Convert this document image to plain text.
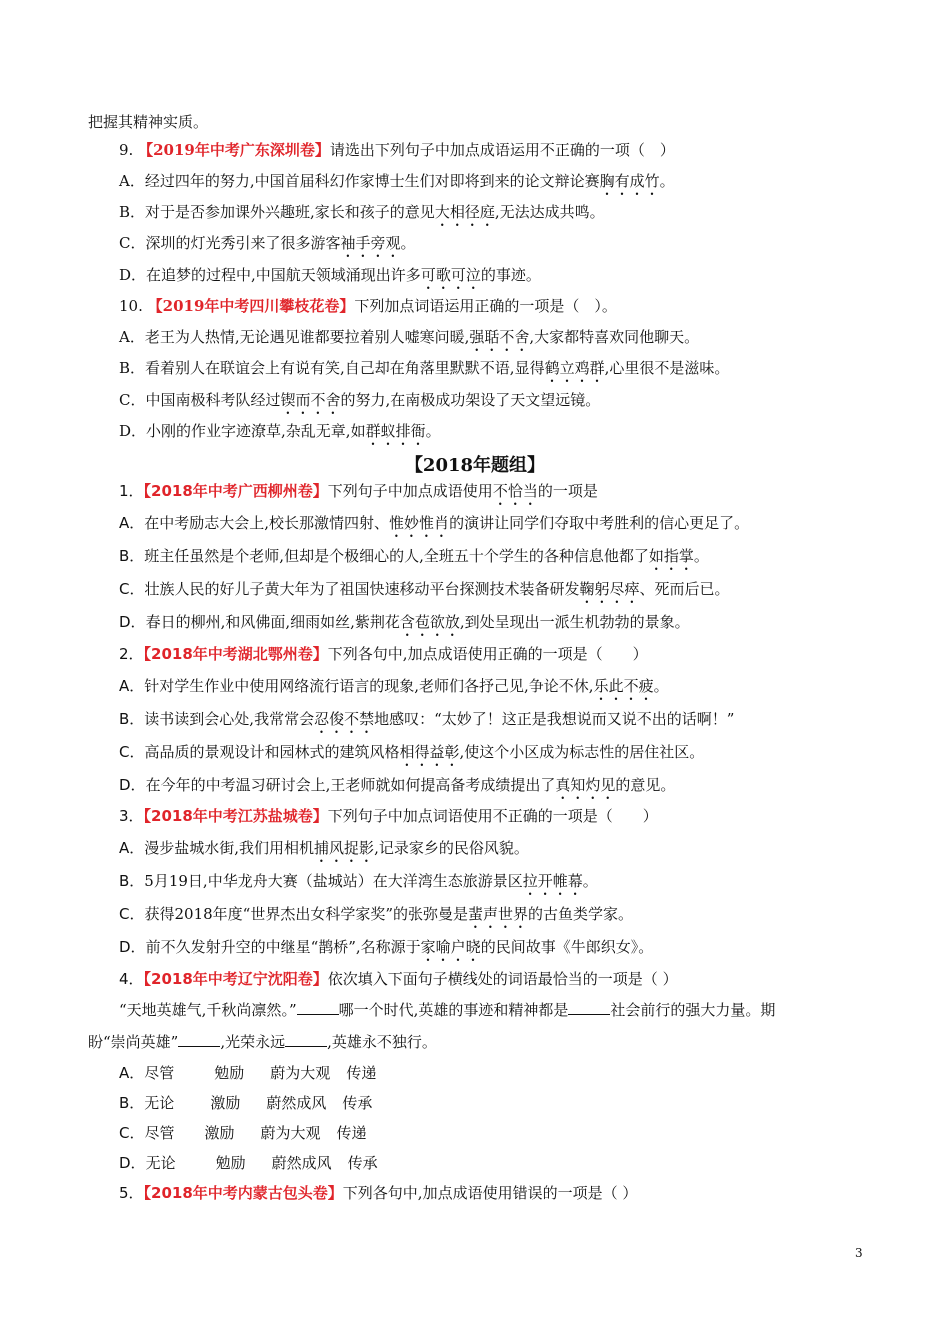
把握其精神实质。
9. 【2019年中考广东深圳卷】请选出下列句子中加点成语运用不正确的一项（　）
A．经过四年的努力,中国首届科幻作家博士生们对即将到来的论文辩论赛胸有成竹。
B．对于是否参加课外兴趣班,家长和孩子的意见大相径庭,无法达成共鸣。
C．深圳的灯光秀引来了很多游客袖手旁观。
D．在追梦的过程中,中国航天领域涌现出许多可歌可泣的事迹。
10. 【2019年中考四川攀枝花卷】下列加点词语运用正确的一项是（　）。
A．老王为人热情,无论遇见谁都要拉着别人嘘寒问暖,强聒不舍,大家都特喜欢同他聊天。
B．看着别人在联谊会上有说有笑,自己却在角落里默默不语,显得鹤立鸡群,心里很不是滋味。
C．中国南极科考队经过锲而不舍的努力,在南极成功架设了天文望远镜。
D．小刚的作业字迹潦草,杂乱无章,如群蚁排衙。
【2018年题组】
1．【2018年中考广西柳州卷】下列句子中加点成语使用不恰当的一项是
A．在中考励志大会上,校长那激情四射、惟妙惟肖的演讲让同学们夺取中考胜利的信心更足了。
B．班主任虽然是个老师,但却是个极细心的人,全班五十个学生的各种信息他都了如指掌。
C．壮族人民的好儿子黄大年为了祖国快速移动平台探测技术装备研发鞠躬尽瘁、死而后已。
D．春日的柳州,和风佛面,细雨如丝,紫荆花含苞欲放,到处呈现出一派生机勃勃的景象。
2．【2018年中考湖北鄂州卷】下列各句中,加点成语使用正确的一项是（　　）
A．针对学生作业中使用网络流行语言的现象,老师们各抒己见,争论不休,乐此不疲。
B．读书读到会心处,我常常会忍俊不禁地感叹：“太妙了！这正是我想说而又说不出的话啊！”
C．高品质的景观设计和园林式的建筑风格相得益彰,使这个小区成为标志性的居住社区。
D．在今年的中考温习研讨会上,王老师就如何提高备考成绩提出了真知灼见的意见。
3．【2018年中考江苏盐城卷】下列句子中加点词语使用不正确的一项是（　　）
A．漫步盐城水街,我们用相机捕风捉影,记录家乡的民俗风貌。
B．5月19日,中华龙舟大赛（盐城站）在大洋湾生态旅游景区拉开帷幕。
C．获得2018年度“世界杰出女科学家奖”的张弥曼是蜚声世界的古鱼类学家。
D．前不久发射升空的中继星“鹊桥”,名称源于家喻户晓的民间故事《牛郎织女》。
4．【2018年中考辽宁沈阳卷】依次填入下面句子横线处的词语最恰当的一项是（ ）
“天地英雄气,千秋尚凛然。”	哪一个时代,英雄的事迹和精神都是	社会前行的强大力量。期
盼“崇尚英雄”	,光荣永远	,英雄永不独行。
A．尽管	勉励 蔚为大观 传递
B．无论 激励 蔚然成风 传承
C．尽管 激励 蔚为大观 传递
D．无论	勉励 蔚然成风 传承
5．【2018年中考内蒙古包头卷】下列各句中,加点成语使用错误的一项是（ ）
3
